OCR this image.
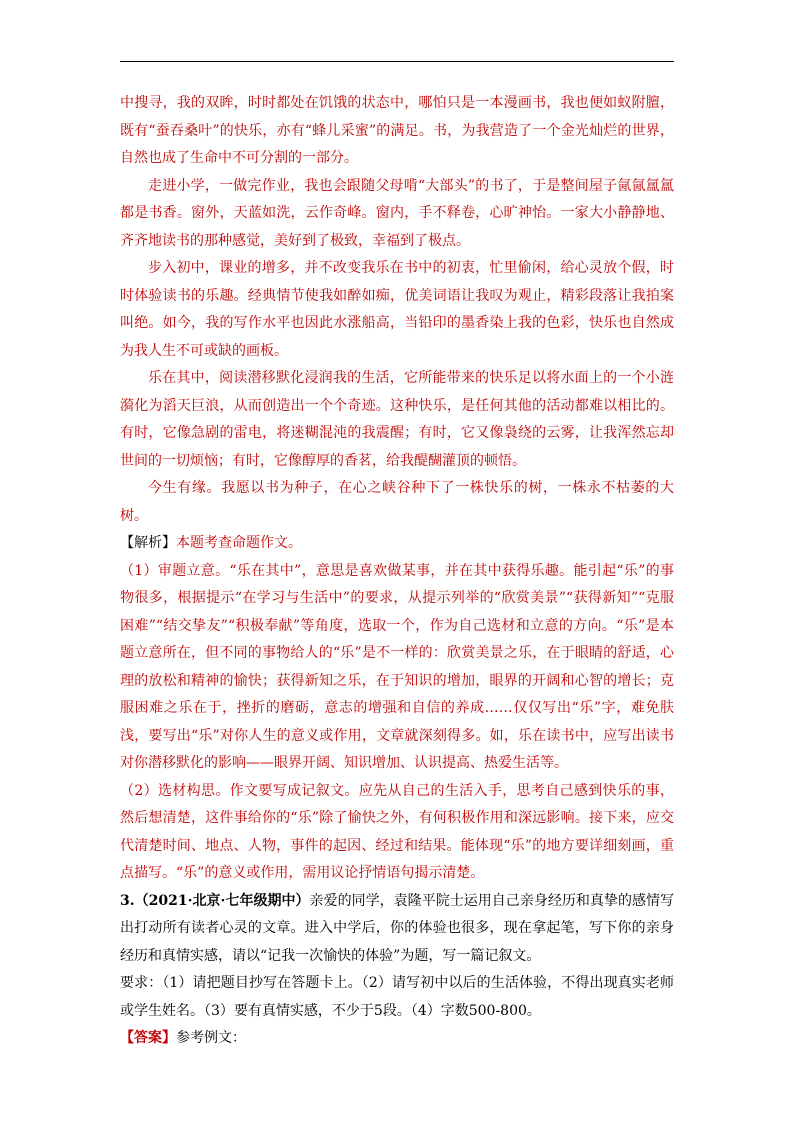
中搜寻，我的双眸，时时都处在饥饿的状态中，哪怕只是一本漫画书，我也便如蚁附膻，既有“蚕吞桑叶”的快乐，亦有“蜂儿采蜜”的满足。书，为我营造了一个金光灿烂的世界，自然也成了生命中不可分割的一部分。

走进小学，一做完作业，我也会跟随父母啃“大部头”的书了，于是整间屋子氤氤氲氲都是书香。窗外，天蓝如洗，云作奇峰。窗内，手不释卷，心旷神怡。一家大小静静地、齐齐地读书的那种感觉，美好到了极致，幸福到了极点。

步入初中，课业的增多，并不改变我乐在书中的初衷，忙里偷闲，给心灵放个假，时时体验读书的乐趣。经典情节使我如醉如痴，优美词语让我叹为观止，精彩段落让我拍案叫绝。如今，我的写作水平也因此水涨船高，当铅印的墨香染上我的色彩，快乐也自然成为我人生不可或缺的画板。

乐在其中，阅读潜移默化浸润我的生活，它所能带来的快乐足以将水面上的一个小涟漪化为滔天巨浪，从而创造出一个个奇迹。这种快乐，是任何其他的活动都难以相比的。有时，它像急剧的雷电，将迷糊混沌的我震醒；有时，它又像袅绕的云雾，让我浑然忘却世间的一切烦恼；有时，它像醇厚的香茗，给我醍醐灌顶的顿悟。

今生有缘。我愿以书为种子，在心之峡谷种下了一株快乐的树，一株永不枯萎的大树。

【解析】本题考查命题作文。

（1）审题立意。“乐在其中”，意思是喜欢做某事，并在其中获得乐趣。能引起“乐”的事物很多，根据提示“在学习与生活中”的要求，从提示列举的“欣赏美景”“获得新知”“克服困难”“结交挚友”“积极奉献”等角度，选取一个，作为自己选材和立意的方向。“乐”是本题立意所在，但不同的事物给人的“乐”是不一样的：欣赏美景之乐，在于眼睛的舒适，心理的放松和精神的愉快；获得新知之乐，在于知识的增加，眼界的开阔和心智的增长；克服困难之乐在于，挫折的磨砺，意志的增强和自信的养成……仅仅写出“乐”字，难免肤浅，要写出“乐”对你人生的意义或作用，文章就深刻得多。如，乐在读书中，应写出读书对你潜移默化的影响——眼界开阔、知识增加、认识提高、热爱生活等。

（2）选材构思。作文要写成记叙文。应先从自己的生活入手，思考自己感到快乐的事，然后想清楚，这件事给你的“乐”除了愉快之外，有何积极作用和深远影响。接下来，应交代清楚时间、地点、人物，事件的起因、经过和结果。能体现“乐”的地方要详细刻画，重点描写。“乐”的意义或作用，需用议论抒情语句揭示清楚。

3.（2021·北京·七年级期中）亲爱的同学，袁隆平院士运用自己亲身经历和真挚的感情写出打动所有读者心灵的文章。进入中学后，你的体验也很多，现在拿起笔，写下你的亲身经历和真情实感，请以“记我一次愉快的体验”为题，写一篇记叙文。

要求：（1）请把题目抄写在答题卡上。（2）请写初中以后的生活体验，不得出现真实老师或学生姓名。（3）要有真情实感，不少于5段。（4）字数500-800。

【答案】参考例文：
